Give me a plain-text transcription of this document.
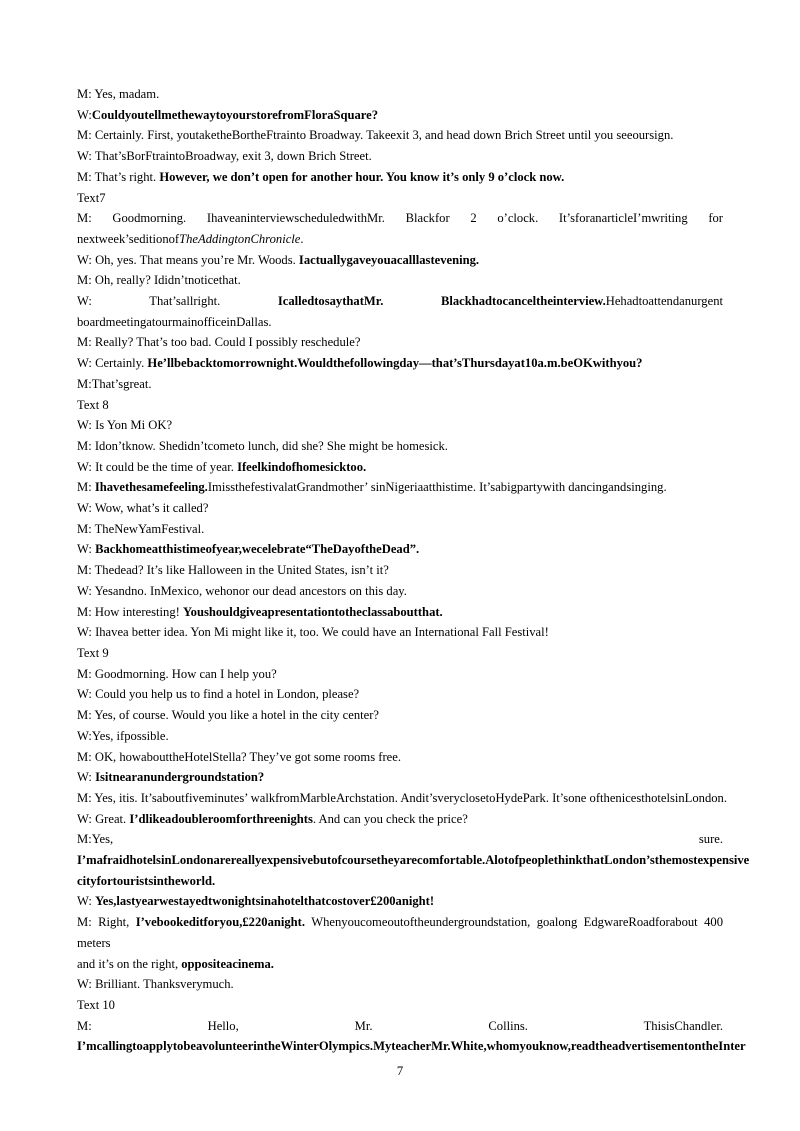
M: Yes, madam.
W:CouldyoutellmethewaytoyourstorefromFloraSquare?
M: Certainly. First, youtaketheBortheFtrainto Broadway. Takeexit 3, and head down Brich Street until you seeoursign.
W: That’sBorFtraintoBroadway, exit 3, down Brich Street.
M: That’s right. However, we don’t open for another hour. You know it’s only 9 o’clock now.
Text7
M: Goodmorning. IhaveaninterviewscheduledwithMr. Blackfor 2 o’clock. It’sforanarticleI’mwriting for
nextweek’seditionofTheAddingtonChronicle.
W: Oh, yes. That means you’re Mr. Woods. Iactuallygaveyouacalllastevening.
M: Oh, really? Ididn’tnoticethat.
W: That’sallright. IcalledtosaythatMr. Blackhadtocanceltheinterview.Hehadtoattendanurgent
boardmeetingatourmainofficeinDallas.
M: Really? That’s too bad. Could I possibly reschedule?
W: Certainly. He’llbebacktomorrownight.Wouldthefollowingday—that’sThursdayat10a.m.beOKwithyou?
M:That’sgreat.
Text 8
W: Is Yon Mi OK?
M: Idon’tknow. Shedidn’tcometo lunch, did she? She might be homesick.
W: It could be the time of year. Ifeelkindofhomesicktoo.
M: Ihavethesamefeeling.ImissthefestivalatGrandmother’ sinNigeriaatthistime. It’sabigpartywith dancingandsinging.
W: Wow, what’s it called?
M: TheNewYamFestival.
W: Backhomeatthistimeofyear,wecelebrate“TheDayoftheDead”.
M: Thedead? It’s like Halloween in the United States, isn’t it?
W: Yesandno. InMexico, wehonor our dead ancestors on this day.
M: How interesting! Youshouldgiveapresentationtotheclassaboutthat.
W: Ihavea better idea. Yon Mi might like it, too. We could have an International Fall Festival!
Text 9
M: Goodmorning. How can I help you?
W: Could you help us to find a hotel in London, please?
M: Yes, of course. Would you like a hotel in the city center?
W:Yes, ifpossible.
M: OK, howabouttheHotelStella? They’ve got some rooms free.
W: Isitnearanundergroundstation?
M: Yes, itis. It’saboutfiveminutes’ walkfromMarbleArchstation. Andit’sveryclosetoHydePark. It’sone ofthenicesthotelsinLondon.
W: Great. I’dlikeadoubleroomforthreenights. And can you check the price?
M:Yes, sure.
I’mafraidhotelsinLondonarereallyexpensivebutofcoursetheyarecomfortable.AlotofpeoplethinkthatLondon’sthemostexpensive
cityfortouristsintheworld.
W: Yes,lastyearwestayedtwonightsinahotelthatcostover£200anight!
M: Right, I’vebookeditforyou,£220anight. Whenyoucomeoutoftheundergroundstation, goalong EdgwareRoadforabout 400 meters
and it’s on the right, oppositeacinema.
W: Brilliant. Thanksverymuch.
Text 10
M: Hello, Mr. Collins. ThisisChandler.
I’mcallingtoapplytobeavolunteerintheWinterOlympics.MyteacherMr.White,whomyouknow,readtheadvertisementontheInter
7
